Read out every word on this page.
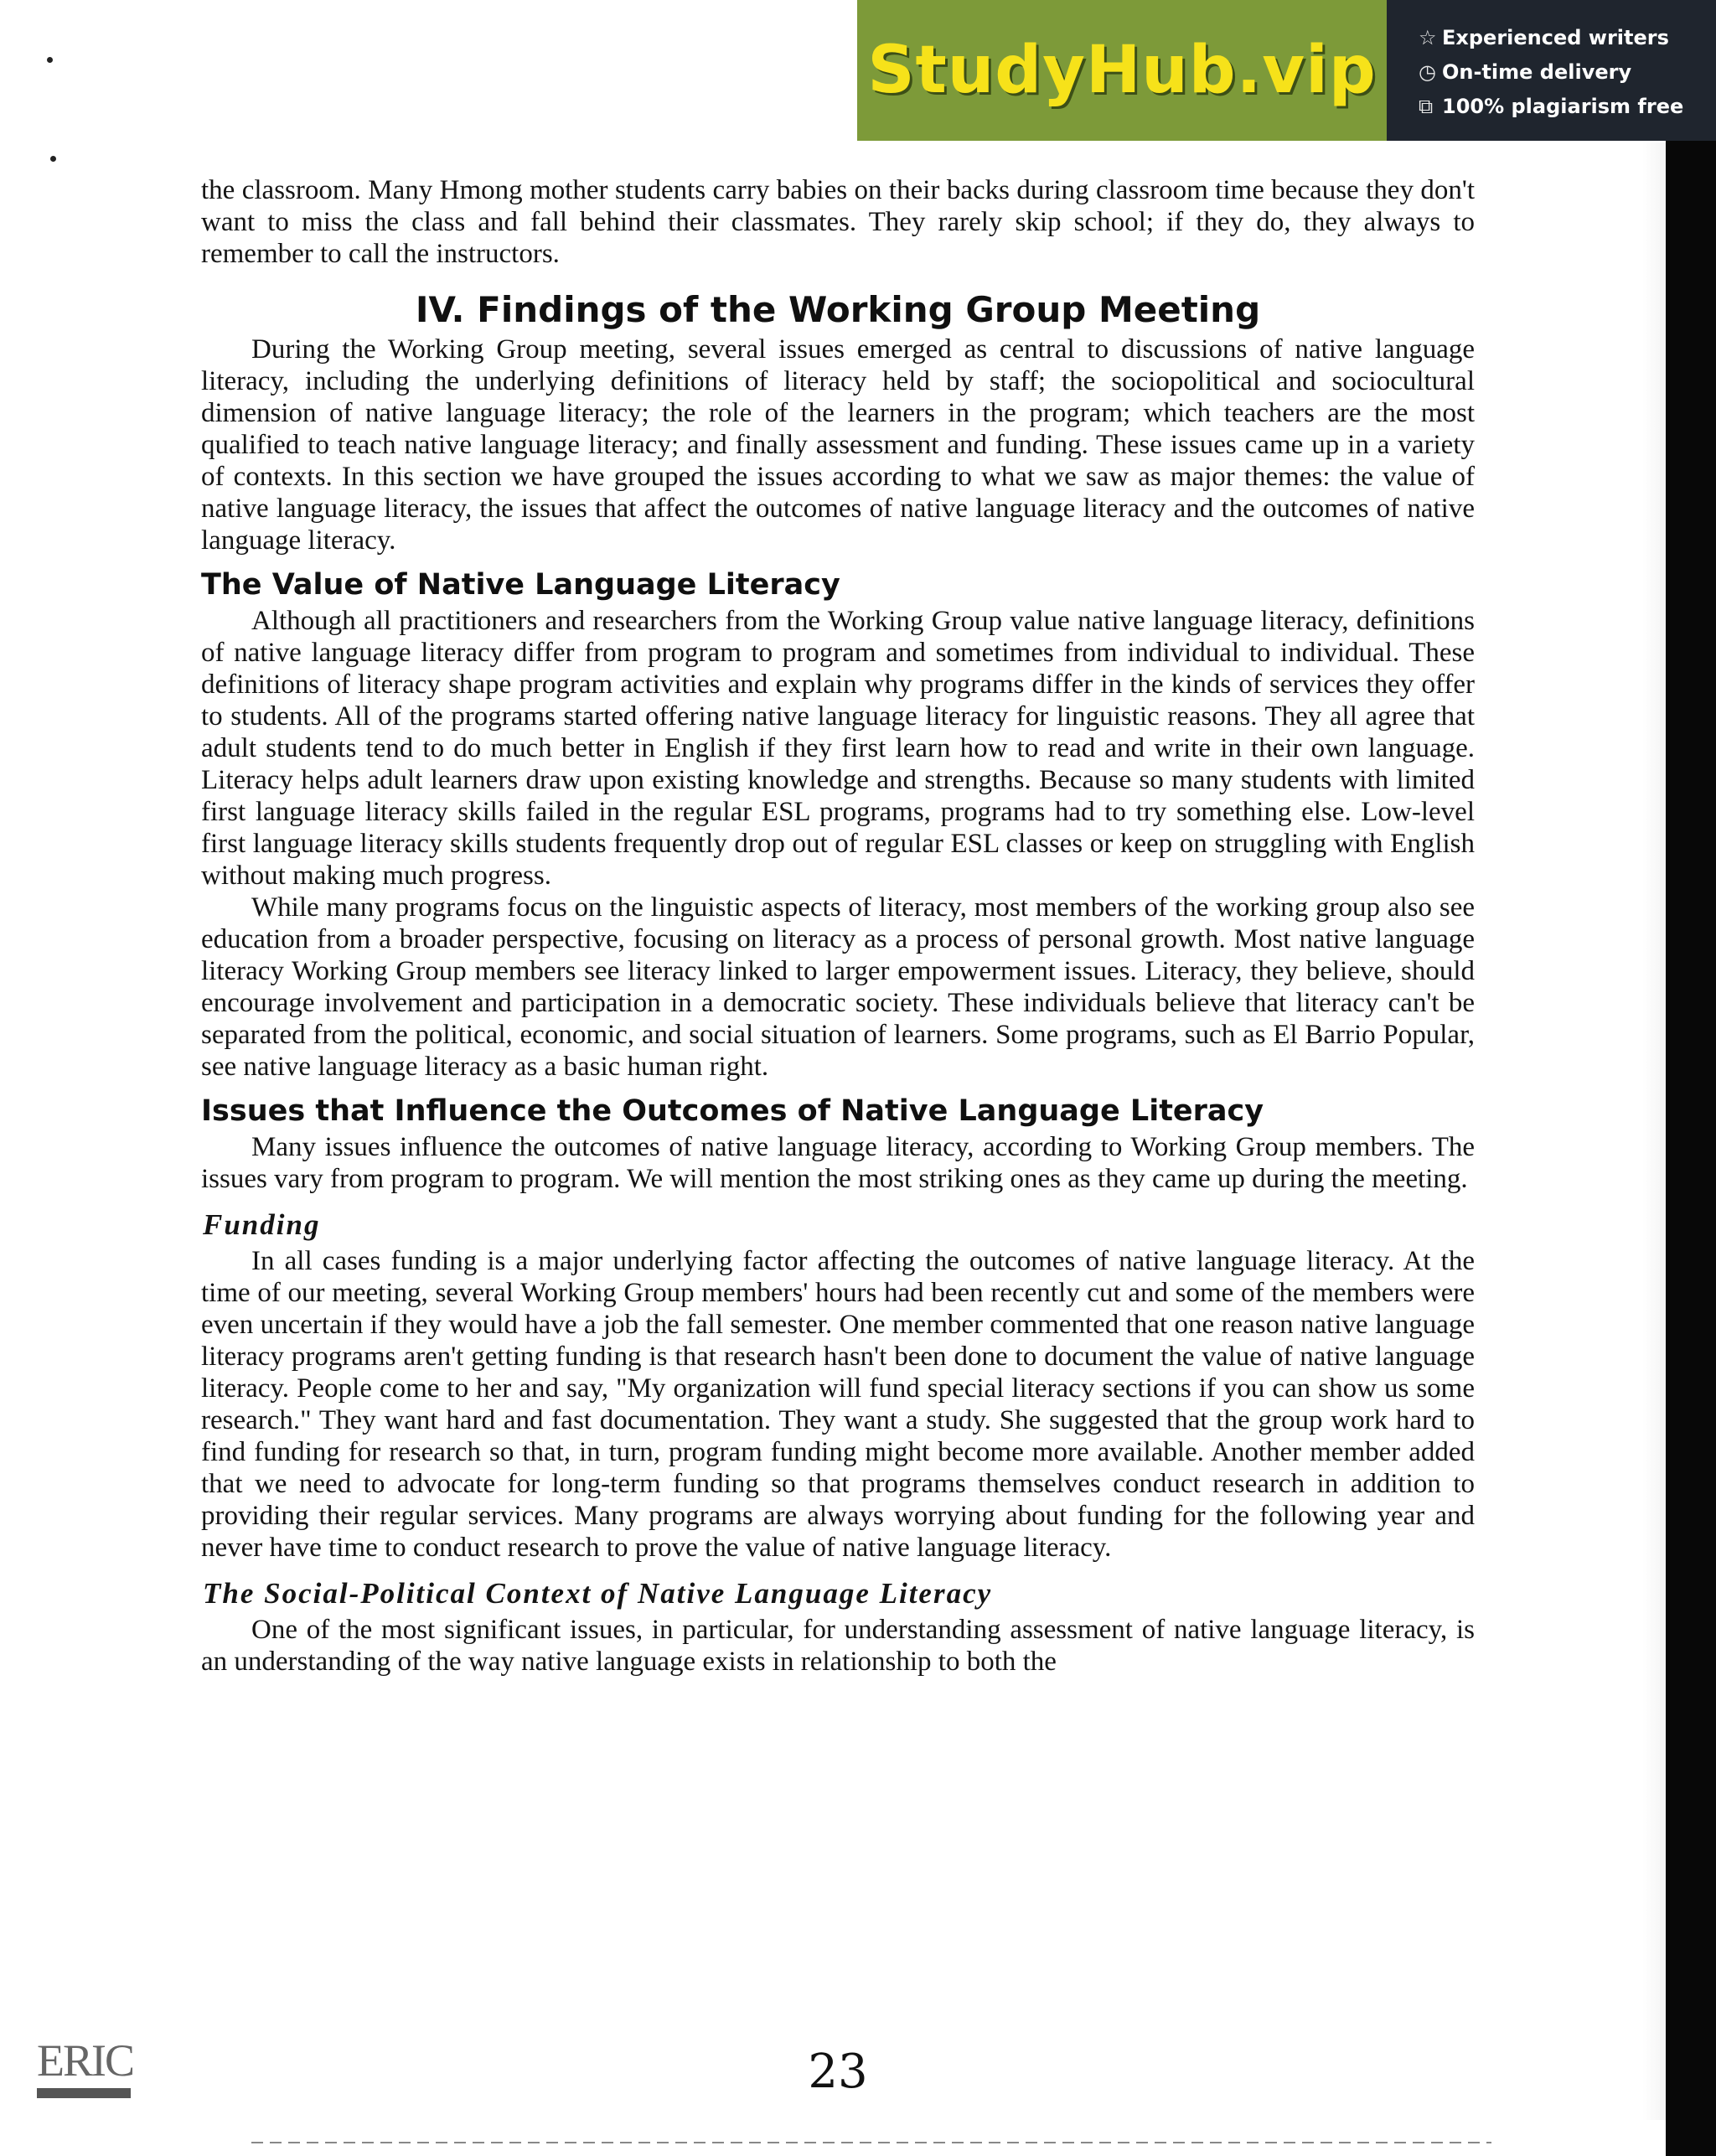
StudyHub.vip ☆ Experienced writers
◷ On-time delivery
⧉ 100% plagiarism free

the classroom. Many Hmong mother students carry babies on their backs during classroom time because they don't want to miss the class and fall behind their classmates. They rarely skip school; if they do, they always to remember to call the instructors.

IV. Findings of the Working Group Meeting

During the Working Group meeting, several issues emerged as central to discussions of native language literacy, including the underlying definitions of literacy held by staff; the sociopolitical and sociocultural dimension of native language literacy; the role of the learners in the program; which teachers are the most qualified to teach native language literacy; and finally assessment and funding. These issues came up in a variety of contexts. In this section we have grouped the issues according to what we saw as major themes: the value of native language literacy, the issues that affect the outcomes of native language literacy and the outcomes of native language literacy.

The Value of Native Language Literacy

Although all practitioners and researchers from the Working Group value native language literacy, definitions of native language literacy differ from program to program and sometimes from individual to individual. These definitions of literacy shape program activities and explain why programs differ in the kinds of services they offer to students. All of the programs started offering native language literacy for linguistic reasons. They all agree that adult students tend to do much better in English if they first learn how to read and write in their own language. Literacy helps adult learners draw upon existing knowledge and strengths. Because so many students with limited first language literacy skills failed in the regular ESL programs, programs had to try something else. Low-level first language literacy skills students frequently drop out of regular ESL classes or keep on struggling with English without making much progress.

While many programs focus on the linguistic aspects of literacy, most members of the working group also see education from a broader perspective, focusing on literacy as a process of personal growth. Most native language literacy Working Group members see literacy linked to larger empowerment issues. Literacy, they believe, should encourage involvement and participation in a democratic society. These individuals believe that literacy can't be separated from the political, economic, and social situation of learners. Some programs, such as El Barrio Popular, see native language literacy as a basic human right.

Issues that Influence the Outcomes of Native Language Literacy

Many issues influence the outcomes of native language literacy, according to Working Group members. The issues vary from program to program. We will mention the most striking ones as they came up during the meeting.

Funding

In all cases funding is a major underlying factor affecting the outcomes of native language literacy. At the time of our meeting, several Working Group members' hours had been recently cut and some of the members were even uncertain if they would have a job the fall semester. One member commented that one reason native language literacy programs aren't getting funding is that research hasn't been done to document the value of native language literacy. People come to her and say, "My organization will fund special literacy sections if you can show us some research." They want hard and fast documentation. They want a study. She suggested that the group work hard to find funding for research so that, in turn, program funding might become more available. Another member added that we need to advocate for long-term funding so that programs themselves conduct research in addition to providing their regular services. Many programs are always worrying about funding for the following year and never have time to conduct research to prove the value of native language literacy.

The Social-Political Context of Native Language Literacy

One of the most significant issues, in particular, for understanding assessment of native language literacy, is an understanding of the way native language exists in relationship to both the

23
ERIC
